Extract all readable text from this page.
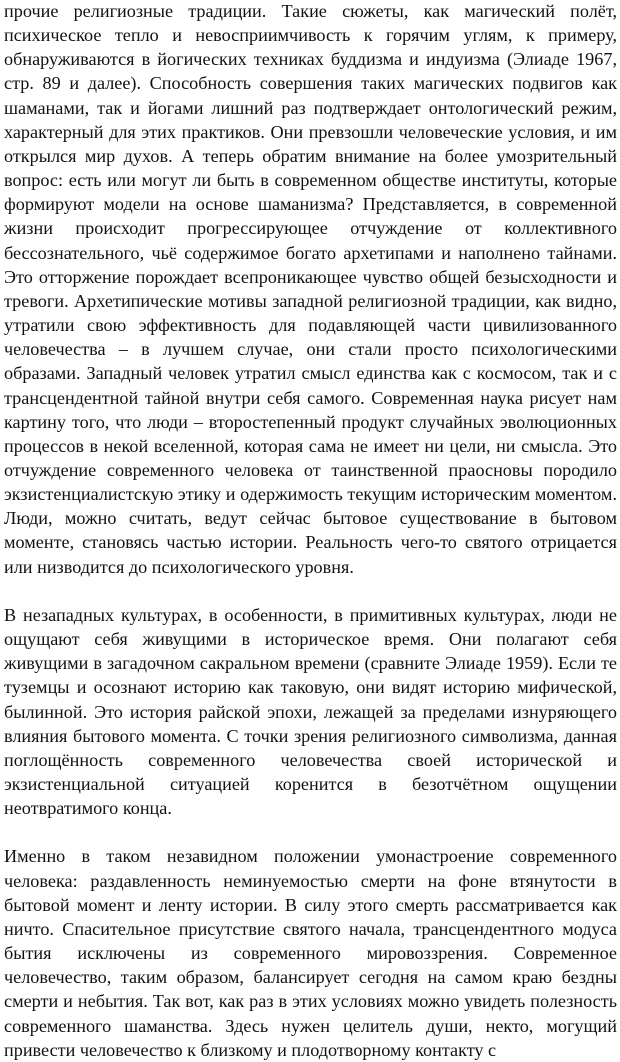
прочие религиозные традиции. Такие сюжеты, как магический полёт, психическое тепло и невосприимчивость к горячим углям, к примеру, обнаруживаются в йогических техниках буддизма и индуизма (Элиаде 1967, стр. 89 и далее). Способность совершения таких магических подвигов как шаманами, так и йогами лишний раз подтверждает онтологический режим, характерный для этих практиков. Они превзошли человеческие условия, и им открылся мир духов. А теперь обратим внимание на более умозрительный вопрос: есть или могут ли быть в современном обществе институты, которые формируют модели на основе шаманизма? Представляется, в современной жизни происходит прогрессирующее отчуждение от коллективного бессознательного, чьё содержимое богато архетипами и наполнено тайнами. Это отторжение порождает всепроникающее чувство общей безысходности и тревоги. Архетипические мотивы западной религиозной традиции, как видно, утратили свою эффективность для подавляющей части цивилизованного человечества – в лучшем случае, они стали просто психологическими образами. Западный человек утратил смысл единства как с космосом, так и с трансцендентной тайной внутри себя самого. Современная наука рисует нам картину того, что люди – второстепенный продукт случайных эволюционных процессов в некой вселенной, которая сама не имеет ни цели, ни смысла. Это отчуждение современного человека от таинственной праосновы породило экзистенциалистскую этику и одержимость текущим историческим моментом. Люди, можно считать, ведут сейчас бытовое существование в бытовом моменте, становясь частью истории. Реальность чего-то святого отрицается или низводится до психологического уровня.

В незападных культурах, в особенности, в примитивных культурах, люди не ощущают себя живущими в историческое время. Они полагают себя живущими в загадочном сакральном времени (сравните Элиаде 1959). Если те туземцы и осознают историю как таковую, они видят историю мифической, былинной. Это история райской эпохи, лежащей за пределами изнуряющего влияния бытового момента. С точки зрения религиозного символизма, данная поглощённость современного человечества своей исторической и экзистенциальной ситуацией коренится в безотчётном ощущении неотвратимого конца.

Именно в таком незавидном положении умонастроение современного человека: раздавленность неминуемостью смерти на фоне втянутости в бытовой момент и ленту истории. В силу этого смерть рассматривается как ничто. Спасительное присутствие святого начала, трансцендентного модуса бытия исключены из современного мировоззрения. Современное человечество, таким образом, балансирует сегодня на самом краю бездны смерти и небытия. Так вот, как раз в этих условиях можно увидеть полезность современного шаманства. Здесь нужен целитель души, некто, могущий привести человечество к близкому и плодотворному контакту с
